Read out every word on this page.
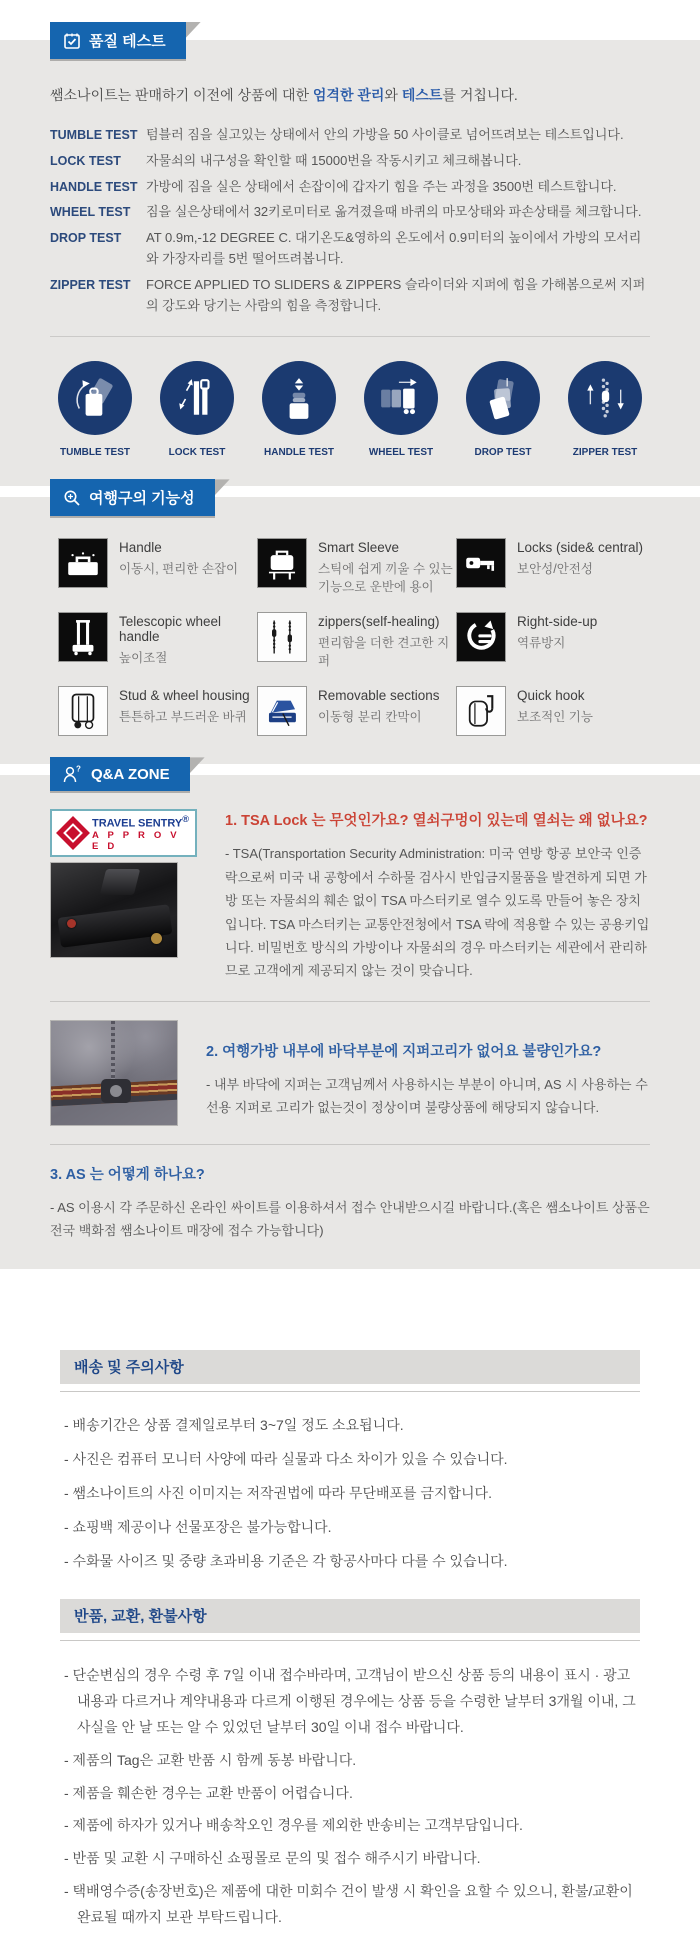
품질 테스트

쌤소나이트는 판매하기 이전에 상품에 대한 엄격한 관리와 테스트를 거칩니다.

TUMBLE TEST 텀블러 짐을 실고있는 상태에서 안의 가방을 50 사이클로 넘어뜨려보는 테스트입니다.
LOCK TEST	자물쇠의 내구성을 확인할 때 15000번을 작동시키고 체크해봅니다.
HANDLE TEST 가방에 짐을 실은 상태에서 손잡이에 갑자기 힘을 주는 과정을 3500번 테스트합니다.
WHEEL TEST	짐을 실은상태에서 32키로미터로 옮겨졌을때 바퀴의 마모상태와 파손상태를 체크합니다.
DROP TEST	AT 0.9m,-12 DEGREE C. 대기온도&영하의 온도에서 0.9미터의 높이에서 가방의 모서리와 가장자리를 5번 떨어뜨려봅니다.
ZIPPER TEST	FORCE APPLIED TO SLIDERS & ZIPPERS 슬라이더와 지퍼에 힘을 가해봄으로써 지퍼의 강도와 당기는 사람의 힘을 측정합니다.
TUMBLE TEST	LOCK TEST	HANDLE TEST	WHEEL TEST	DROP TEST	ZIPPER TEST
여행구의 기능성
Handle
이동시, 편리한 손잡이
Smart Sleeve
스틱에 쉽게 끼울 수 있는 기능으로 운반에 용이
Locks (side& central)
보안성/안전성
Telescopic wheel handle
높이조절
zippers(self-healing)
편리함을 더한 견고한 지퍼
Right-side-up
역류방지
Stud & wheel housing
튼튼하고 부드러운 바퀴
Removable sections
이동형 분리 칸막이
Quick hook
보조적인 기능
? Q&A ZONE
TRAVEL SENTRY®
A P P R O V E D
1. TSA Lock 는 무엇인가요? 열쇠구멍이 있는데 열쇠는 왜 없나요?
- TSA(Transportation Security Administration: 미국 연방 항공 보안국 인증 락으로써 미국 내 공항에서 수하물 검사시 반입금지물품을 발견하게 되면 가방 또는 자물쇠의 훼손 없이 TSA 마스터키로 열수 있도록 만들어 놓은 장치입니다. TSA 마스터키는 교통안전청에서 TSA 락에 적용할 수 있는 공용키입니다. 비밀번호 방식의 가방이나 자물쇠의 경우 마스터키는 세관에서 관리하므로 고객에게 제공되지 않는 것이 맞습니다.
2. 여행가방 내부에 바닥부분에 지퍼고리가 없어요 불량인가요?
- 내부 바닥에 지퍼는 고객님께서 사용하시는 부분이 아니며, AS 시 사용하는 수선용 지퍼로 고리가 없는것이 정상이며 불량상품에 해당되지 않습니다.
3. AS 는 어떻게 하나요?
- AS 이용시 각 주문하신 온라인 싸이트를 이용하셔서 접수 안내받으시길 바랍니다.(혹은 쌤소나이트 상품은 전국 백화점 쌤소나이트 매장에 접수 가능합니다)
배송 및 주의사항
- 배송기간은 상품 결제일로부터 3~7일 정도 소요됩니다.
- 사진은 컴퓨터 모니터 사양에 따라 실물과 다소 차이가 있을 수 있습니다.
- 쌤소나이트의 사진 이미지는 저작권법에 따라 무단배포를 금지합니다.
- 쇼핑백 제공이나 선물포장은 불가능합니다.
- 수화물 사이즈 및 중량 초과비용 기준은 각 항공사마다 다를 수 있습니다.
반품, 교환, 환불사항
- 단순변심의 경우 수령 후 7일 이내 접수바라며, 고객님이 받으신 상품 등의 내용이 표시 · 광고 내용과 다르거나 계약내용과 다르게 이행된 경우에는 상품 등을 수령한 날부터 3개월 이내, 그 사실을 안 날 또는 알 수 있었던 날부터 30일 이내 접수 바랍니다.
- 제품의 Tag은 교환 반품 시 함께 동봉 바랍니다.
- 제품을 훼손한 경우는 교환 반품이 어렵습니다.
- 제품에 하자가 있거나 배송착오인 경우를 제외한 반송비는 고객부담입니다.
- 반품 및 교환 시 구매하신 쇼핑몰로 문의 및 접수 해주시기 바랍니다.
- 택배영수증(송장번호)은 제품에 대한 미회수 건이 발생 시 확인을 요할 수 있으니, 환불/교환이 완료될 때까지 보관 부탁드립니다.
